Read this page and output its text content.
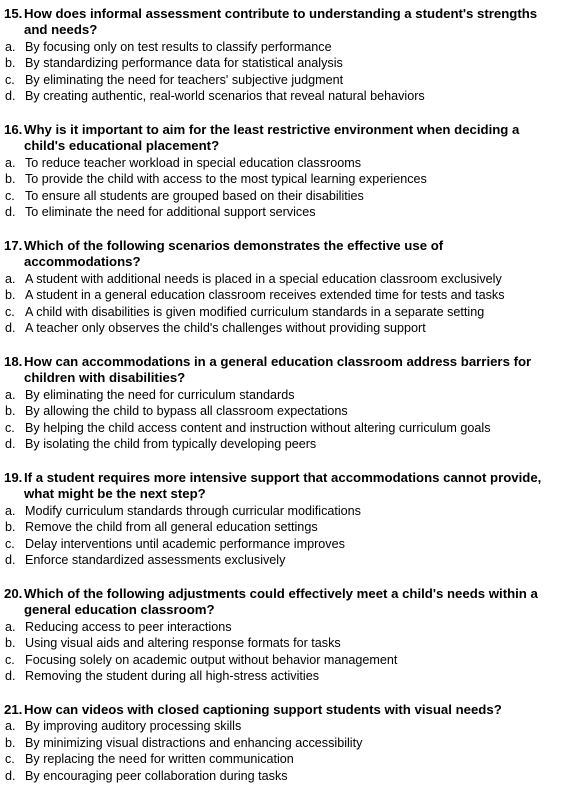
15. How does informal assessment contribute to understanding a student's strengths and needs?
a. By focusing only on test results to classify performance
b. By standardizing performance data for statistical analysis
c. By eliminating the need for teachers' subjective judgment
d. By creating authentic, real-world scenarios that reveal natural behaviors
16. Why is it important to aim for the least restrictive environment when deciding a child's educational placement?
a. To reduce teacher workload in special education classrooms
b. To provide the child with access to the most typical learning experiences
c. To ensure all students are grouped based on their disabilities
d. To eliminate the need for additional support services
17. Which of the following scenarios demonstrates the effective use of accommodations?
a. A student with additional needs is placed in a special education classroom exclusively
b. A student in a general education classroom receives extended time for tests and tasks
c. A child with disabilities is given modified curriculum standards in a separate setting
d. A teacher only observes the child's challenges without providing support
18. How can accommodations in a general education classroom address barriers for children with disabilities?
a. By eliminating the need for curriculum standards
b. By allowing the child to bypass all classroom expectations
c. By helping the child access content and instruction without altering curriculum goals
d. By isolating the child from typically developing peers
19. If a student requires more intensive support that accommodations cannot provide, what might be the next step?
a. Modify curriculum standards through curricular modifications
b. Remove the child from all general education settings
c. Delay interventions until academic performance improves
d. Enforce standardized assessments exclusively
20. Which of the following adjustments could effectively meet a child's needs within a general education classroom?
a. Reducing access to peer interactions
b. Using visual aids and altering response formats for tasks
c. Focusing solely on academic output without behavior management
d. Removing the student during all high-stress activities
21. How can videos with closed captioning support students with visual needs?
a. By improving auditory processing skills
b. By minimizing visual distractions and enhancing accessibility
c. By replacing the need for written communication
d. By encouraging peer collaboration during tasks
